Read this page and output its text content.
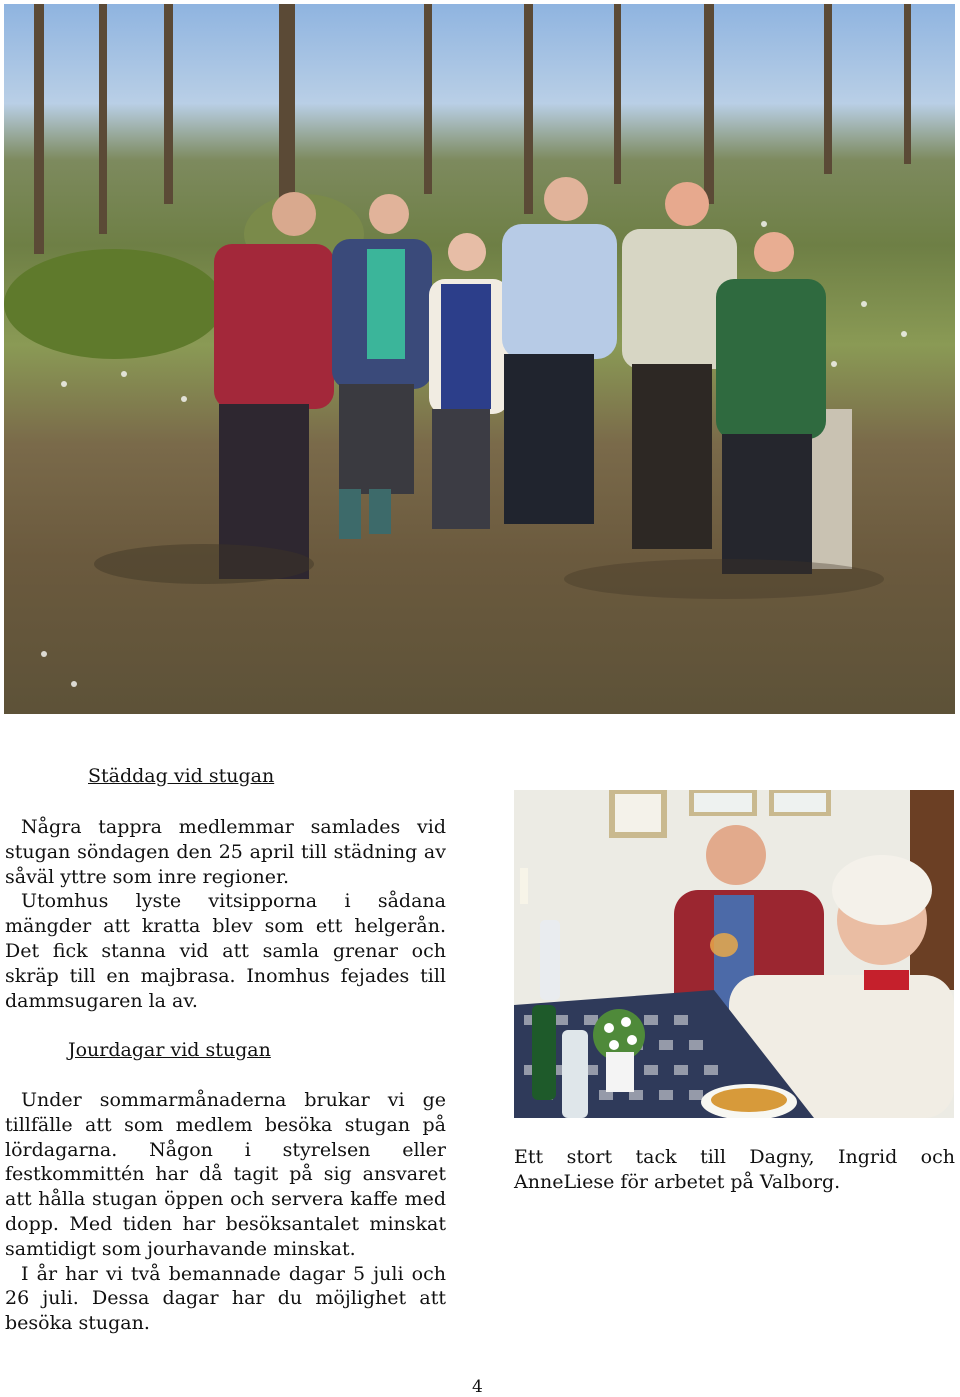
Städdag vid stugan

Några tappra medlemmar samlades vid stugan söndagen den 25 april till städning av såväl yttre som inre regioner.

Utomhus lyste vitsipporna i sådana mängder att kratta blev som ett helgerån. Det fick stanna vid att samla grenar och skräp till en majbrasa. Inomhus fejades till dammsugaren la av.

Jourdagar vid stugan

Under sommarmånaderna brukar vi ge tillfälle att som medlem besöka stugan på lördagarna. Någon i styrelsen eller festkommittén har då tagit på sig ansvaret att hålla stugan öppen och servera kaffe med dopp. Med tiden har besöksantalet minskat samtidigt som jourhavande minskat.

I år har vi två bemannade dagar 5 juli och 26 juli. Dessa dagar har du möjlighet att besöka stugan.

Ett stort tack till Dagny, Ingrid och AnneLiese för arbetet på Valborg.

4
